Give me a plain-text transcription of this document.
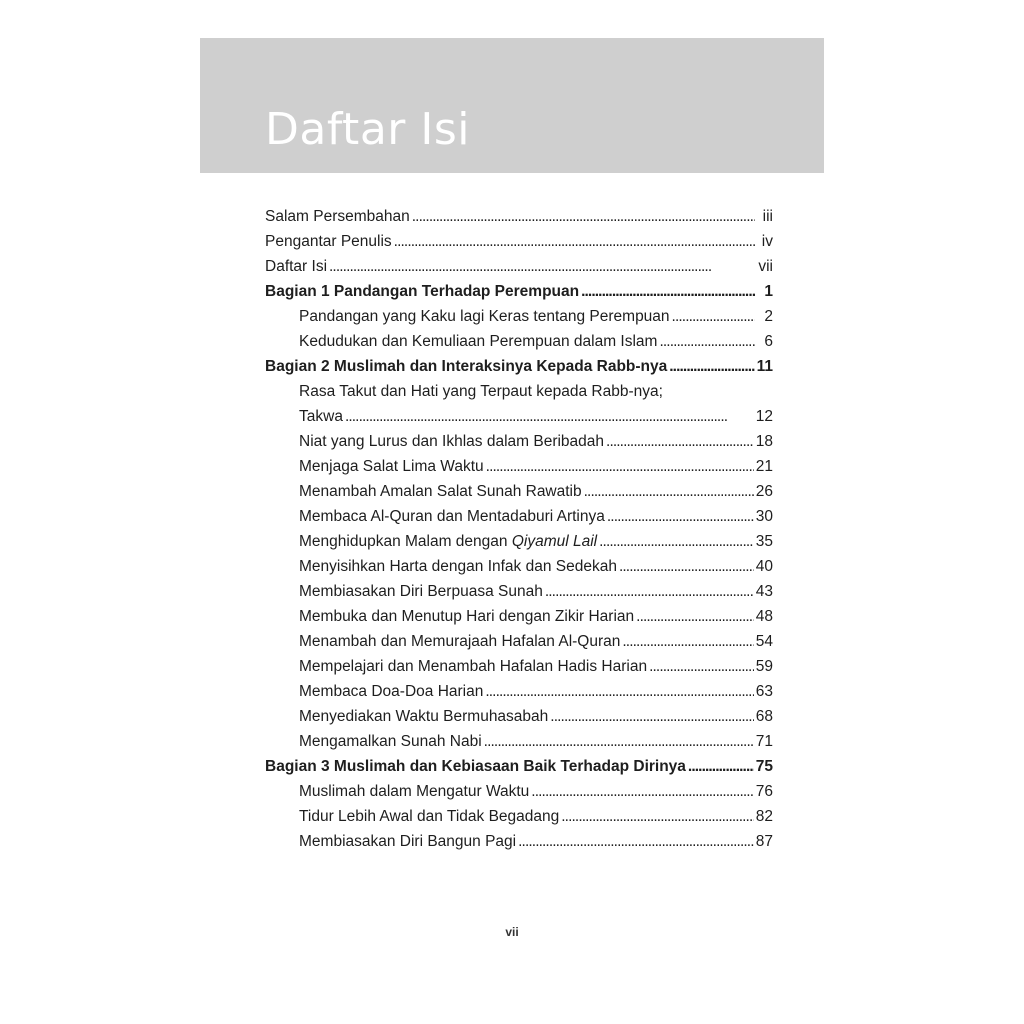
Daftar Isi
Salam Persembahan . . .	iii
Pengantar Penulis . . .	iv
Daftar Isi . . .	vii
Bagian 1 Pandangan Terhadap Perempuan . . .	1
Pandangan yang Kaku lagi Keras tentang Perempuan . . .	2
Kedudukan dan Kemuliaan Perempuan dalam Islam . . .	6
Bagian 2 Muslimah dan Interaksinya Kepada Rabb-nya . . .	11
Rasa Takut dan Hati yang Terpaut kepada Rabb-nya;
Takwa . . .	12
Niat yang Lurus dan Ikhlas dalam Beribadah . . .	18
Menjaga Salat Lima Waktu . . .	21
Menambah Amalan Salat Sunah Rawatib . . .	26
Membaca Al-Quran dan Mentadaburi Artinya . . .	30
Menghidupkan Malam dengan Qiyamul Lail . . .	35
Menyisihkan Harta dengan Infak dan Sedekah . . .	40
Membiasakan Diri Berpuasa Sunah . . .	43
Membuka dan Menutup Hari dengan Zikir Harian . . .	48
Menambah dan Memurajaah Hafalan Al-Quran . . .	54
Mempelajari dan Menambah Hafalan Hadis Harian . . .	59
Membaca Doa-Doa Harian . . .	63
Menyediakan Waktu Bermuhasabah . . .	68
Mengamalkan Sunah Nabi . . .	71
Bagian 3 Muslimah dan Kebiasaan Baik Terhadap Dirinya . . .	75
Muslimah dalam Mengatur Waktu . . .	76
Tidur Lebih Awal dan Tidak Begadang . . .	82
Membiasakan Diri Bangun Pagi . . .	87
vii
